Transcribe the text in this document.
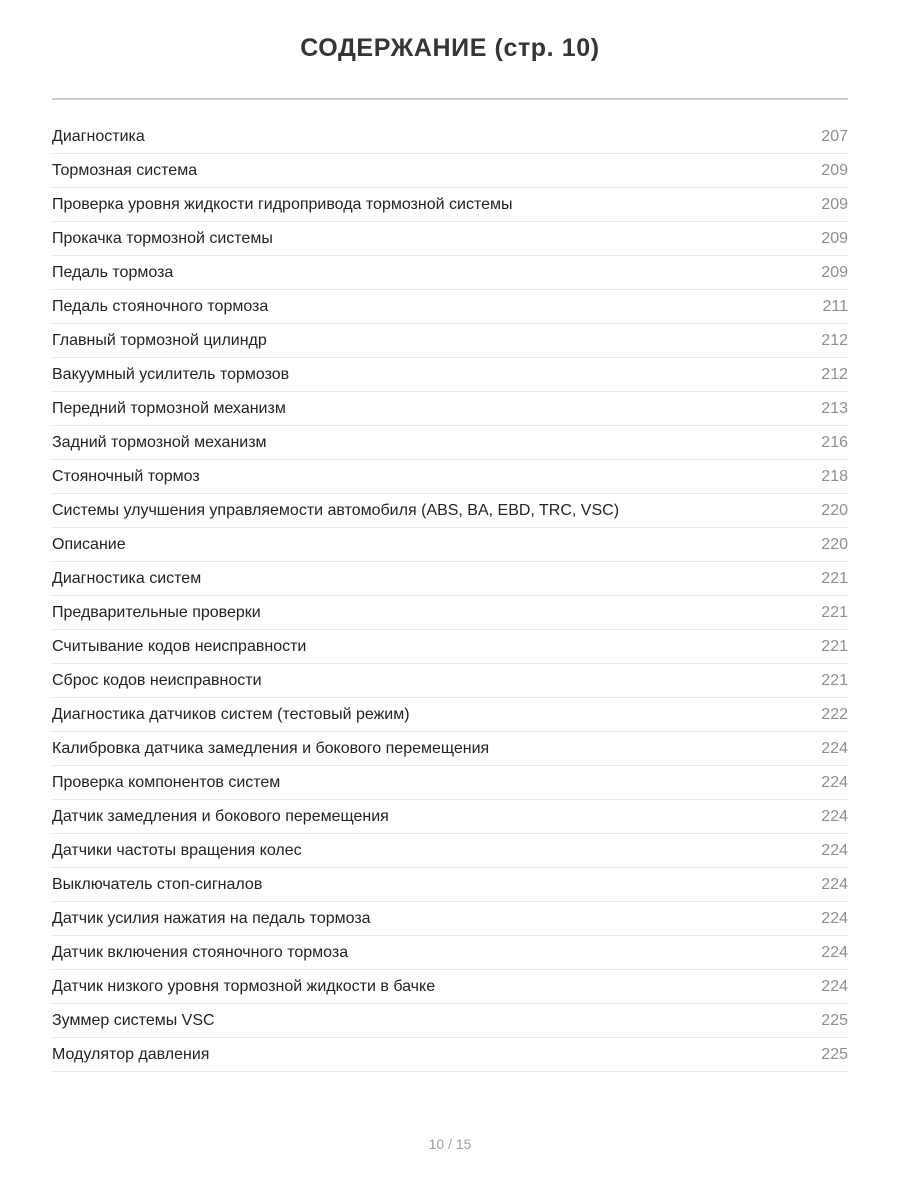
СОДЕРЖАНИЕ (стр. 10)
Диагностика	207
Тормозная система	209
Проверка уровня жидкости гидропривода тормозной системы	209
Прокачка тормозной системы	209
Педаль тормоза	209
Педаль стояночного тормоза	211
Главный тормозной цилиндр	212
Вакуумный усилитель тормозов	212
Передний тормозной механизм	213
Задний тормозной механизм	216
Стояночный тормоз	218
Системы улучшения управляемости автомобиля (ABS, BA, EBD, TRC, VSC)	220
Описание	220
Диагностика систем	221
Предварительные проверки	221
Считывание кодов неисправности	221
Сброс кодов неисправности	221
Диагностика датчиков систем (тестовый режим)	222
Калибровка датчика замедления и бокового перемещения	224
Проверка компонентов систем	224
Датчик замедления и бокового перемещения	224
Датчики частоты вращения колес	224
Выключатель стоп-сигналов	224
Датчик усилия нажатия на педаль тормоза	224
Датчик включения стояночного тормоза	224
Датчик низкого уровня тормозной жидкости в бачке	224
Зуммер системы VSC	225
Модулятор давления	225
10 / 15
